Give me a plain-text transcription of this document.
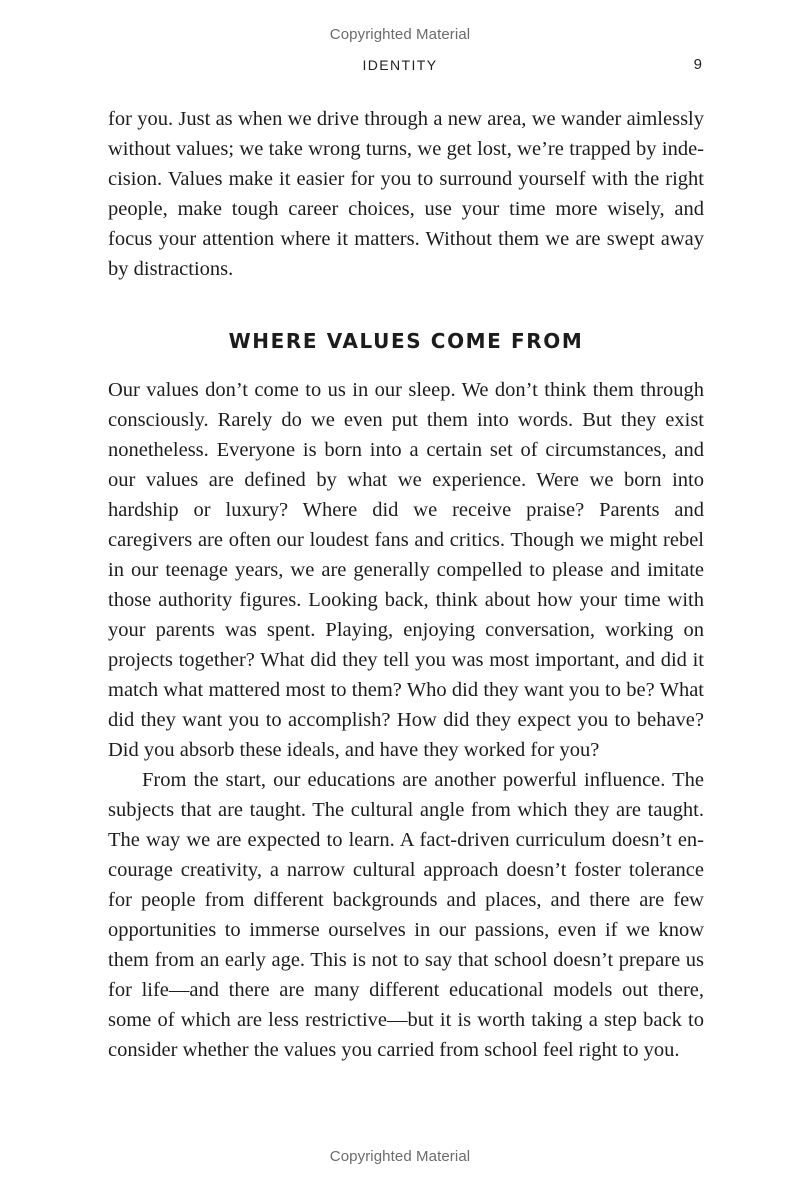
Copyrighted Material
IDENTITY	9

for you. Just as when we drive through a new area, we wander aimlessly without values; we take wrong turns, we get lost, we’re trapped by indecision. Values make it easier for you to surround yourself with the right people, make tough career choices, use your time more wisely, and focus your attention where it matters. Without them we are swept away by distractions.

WHERE VALUES COME FROM

Our values don’t come to us in our sleep. We don’t think them through consciously. Rarely do we even put them into words. But they exist nonetheless. Everyone is born into a certain set of circumstances, and our values are defined by what we experience. Were we born into hardship or luxury? Where did we receive praise? Parents and caregivers are often our loudest fans and critics. Though we might rebel in our teenage years, we are generally compelled to please and imitate those authority figures. Looking back, think about how your time with your parents was spent. Playing, enjoying conversation, working on projects together? What did they tell you was most important, and did it match what mattered most to them? Who did they want you to be? What did they want you to accomplish? How did they expect you to behave? Did you absorb these ideals, and have they worked for you?

From the start, our educations are another powerful influence. The subjects that are taught. The cultural angle from which they are taught. The way we are expected to learn. A fact-driven curriculum doesn’t encourage creativity, a narrow cultural approach doesn’t foster tolerance for people from different backgrounds and places, and there are few opportunities to immerse ourselves in our passions, even if we know them from an early age. This is not to say that school doesn’t prepare us for life—and there are many different educational models out there, some of which are less restrictive—but it is worth taking a step back to consider whether the values you carried from school feel right to you.

Copyrighted Material
